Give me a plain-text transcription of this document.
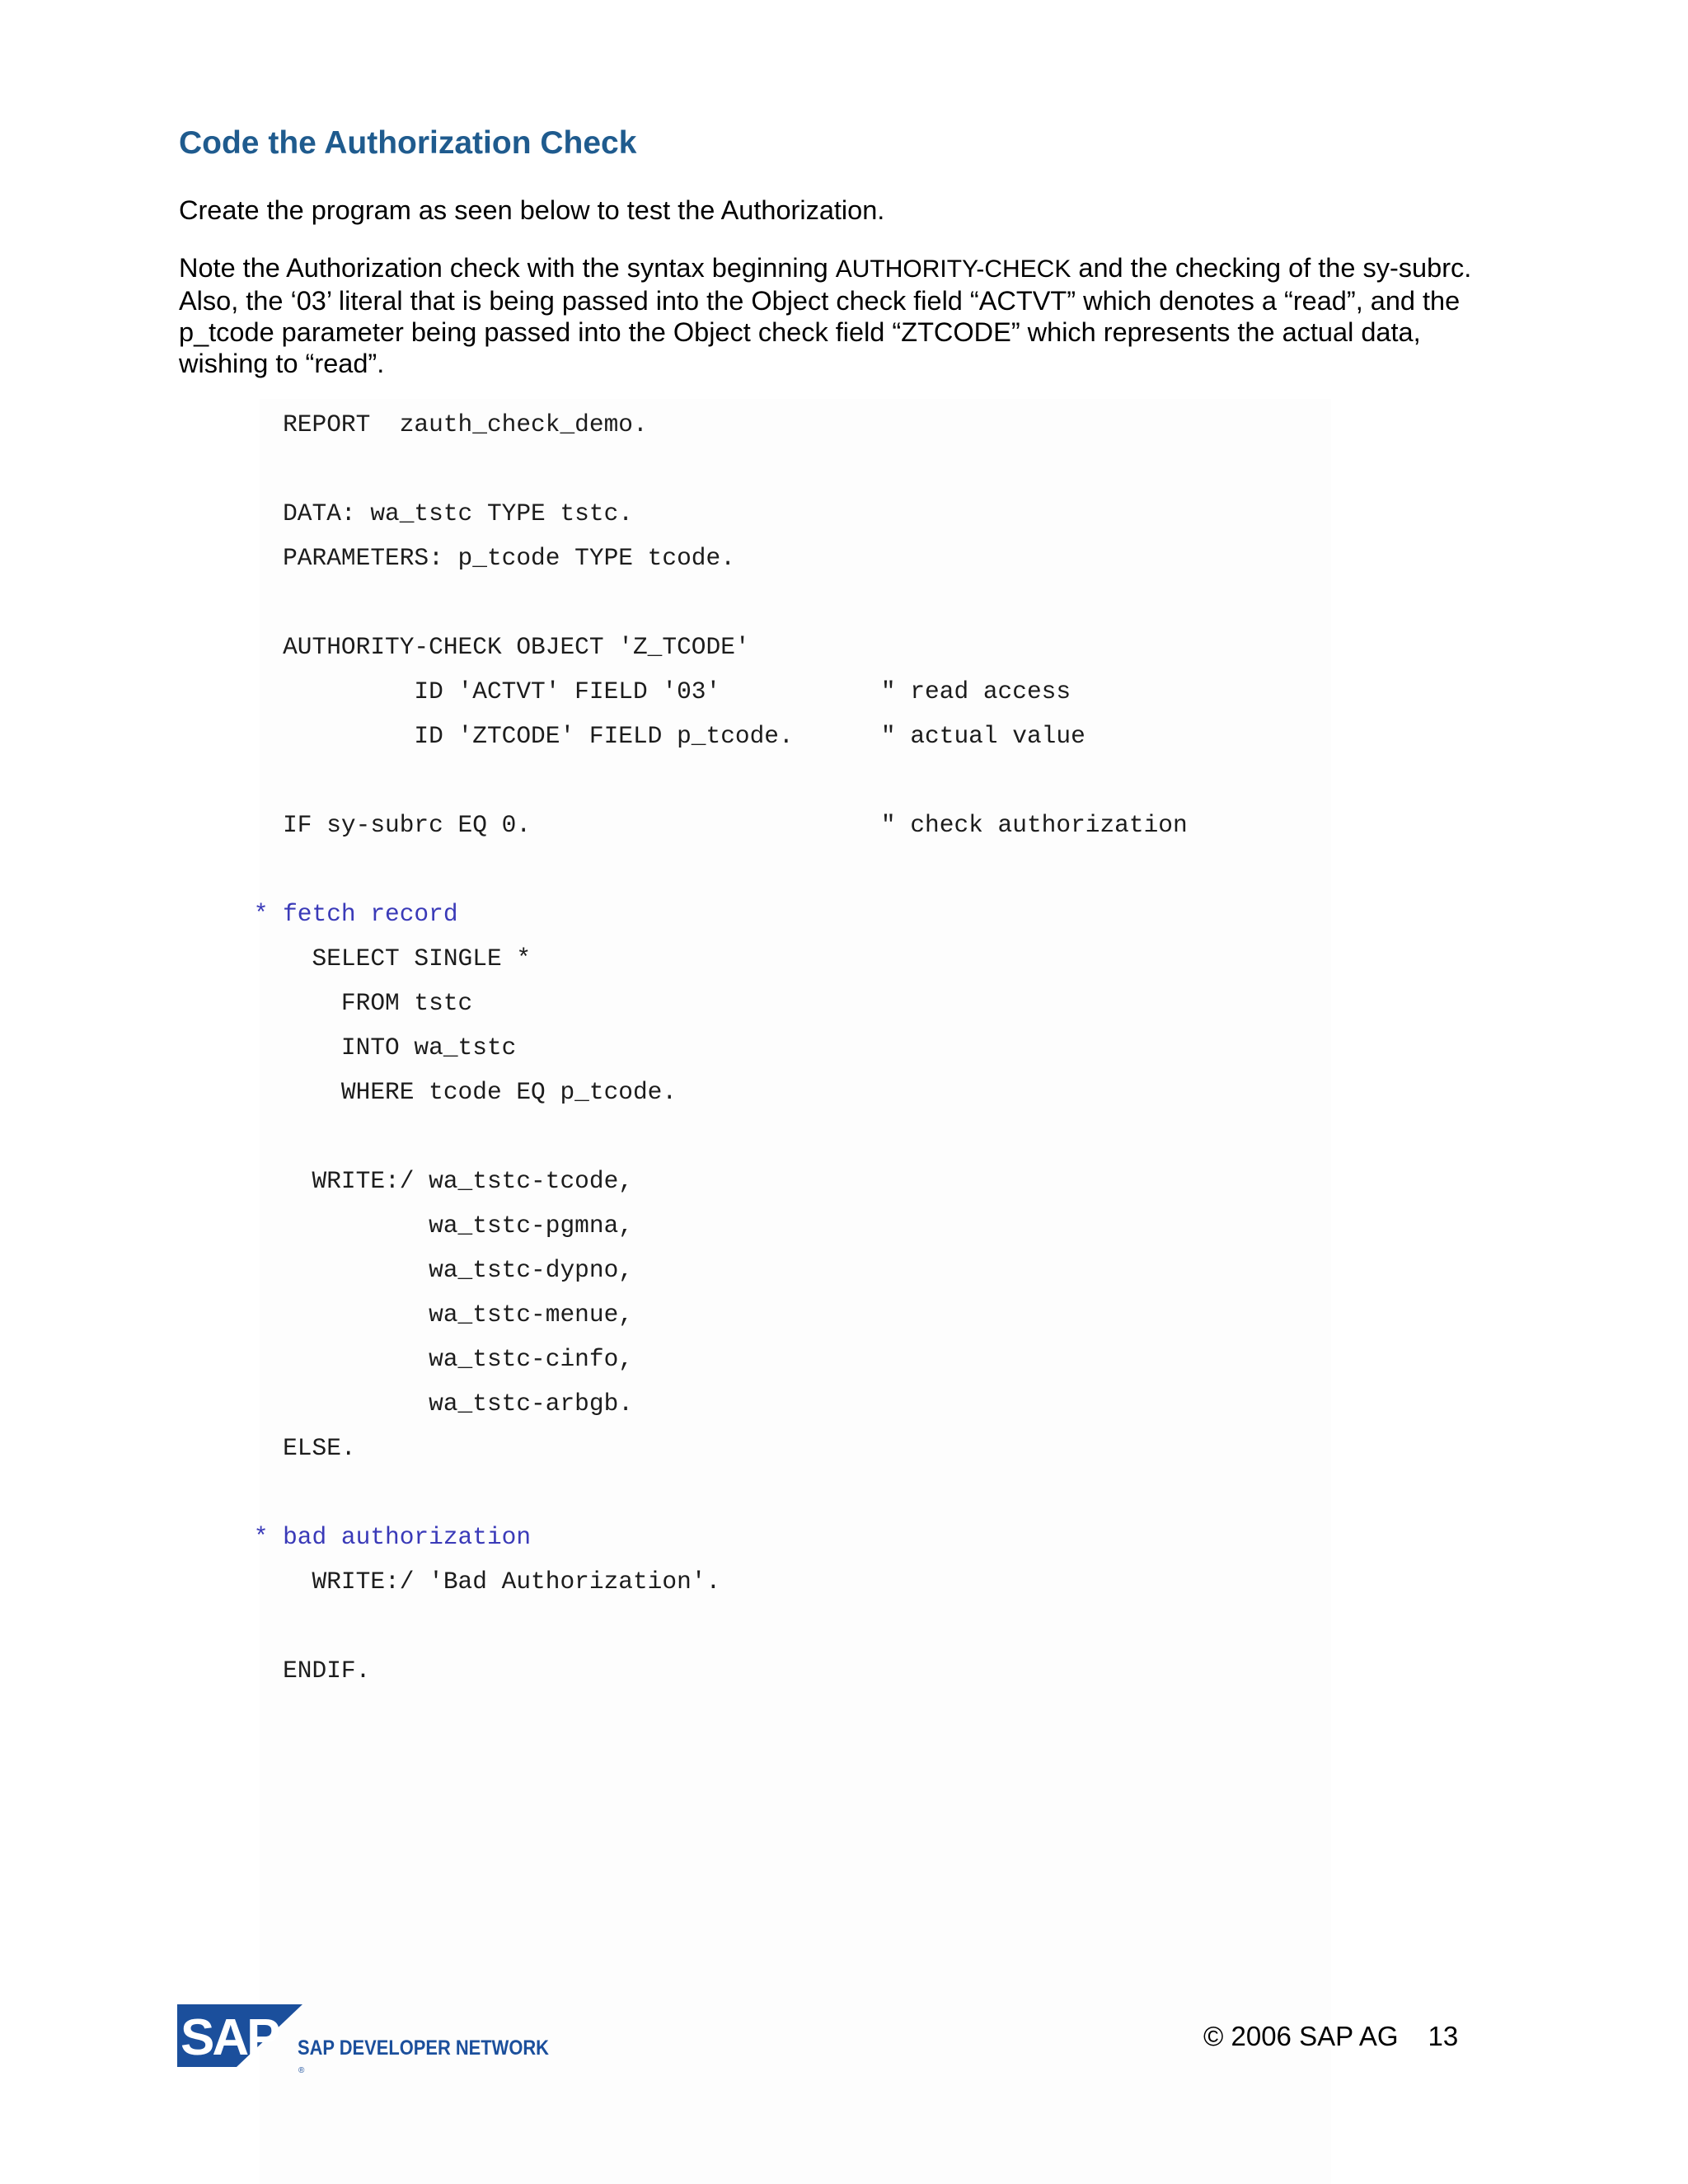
Code the Authorization Check

Create the program as seen below to test the Authorization.

Note the Authorization check with the syntax beginning AUTHORITY-CHECK and the checking of the sy-subrc. Also, the ‘03’ literal that is being passed into the Object check field “ACTVT” which denotes a “read”, and the p_tcode parameter being passed into the Object check field “ZTCODE” which represents the actual data, wishing to “read”.

REPORT  zauth_check_demo.
DATA: wa_tstc TYPE tstc.
PARAMETERS: p_tcode TYPE tcode.
AUTHORITY-CHECK OBJECT 'Z_TCODE'
ID 'ACTVT' FIELD '03'           " read access
ID 'ZTCODE' FIELD p_tcode.      " actual value
IF sy-subrc EQ 0.                        " check authorization
* fetch record
SELECT SINGLE *
FROM tstc
INTO wa_tstc
WHERE tcode EQ p_tcode.
WRITE:/ wa_tstc-tcode,
wa_tstc-pgmna,
wa_tstc-dypno,
wa_tstc-menue,
wa_tstc-cinfo,
wa_tstc-arbgb.
ELSE.
* bad authorization
WRITE:/ 'Bad Authorization'.
ENDIF.
SAP
®
SAP DEVELOPER NETWORK	© 2006 SAP AG 13
